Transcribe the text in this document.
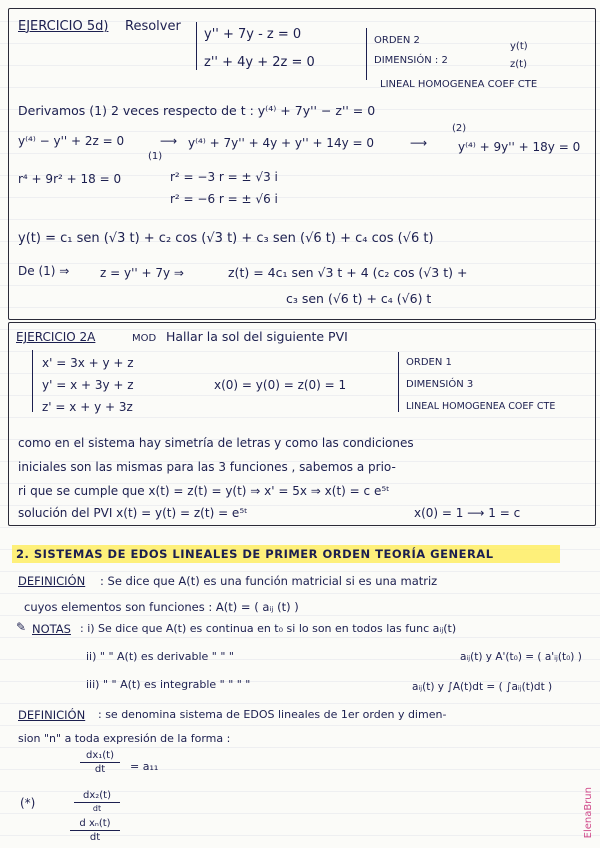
EJERCICIO 5d) Resolver
y'' + 7y - z = 0
z'' + 4y + 2z = 0
ORDEN 2
DIMENSIÓN : 2
y(t)
z(t)
LINEAL HOMOGENEA COEF CTE
Derivamos (1) 2 veces respecto de t : y⁽⁴⁾ + 7y'' − z'' = 0
(2)
y⁽⁴⁾ − y'' + 2z = 0
(1)
⟶ y⁽⁴⁾ + 7y'' + 4y + y'' + 14y = 0	⟶	y⁽⁴⁾ + 9y'' + 18y = 0
r⁴ + 9r² + 18 = 0	r² = −3 r = ± √3 i
r² = −6 r = ± √6 i
y(t) = c₁ sen (√3 t) + c₂ cos (√3 t) + c₃ sen (√6 t) + c₄ cos (√6 t)
De (1) ⇒	z = y'' + 7y ⇒	z(t) = 4c₁ sen √3 t + 4 (c₂ cos (√3 t) +
c₃ sen (√6 t) + c₄ (√6) t
EJERCICIO 2A	MOD Hallar la sol del siguiente PVI
x' = 3x + y + z
y' = x + 3y + z
z' = x + y + 3z
x(0) = y(0) = z(0) = 1
ORDEN 1
DIMENSIÓN 3
LINEAL HOMOGENEA COEF CTE
como en el sistema hay simetría de letras y como las condiciones
iniciales son las mismas para las 3 funciones , sabemos a prio-
ri que se cumple que x(t) = z(t) = y(t) ⇒ x' = 5x ⇒ x(t) = c e⁵ᵗ
solución del PVI x(t) = y(t) = z(t) = e⁵ᵗ	x(0) = 1 ⟶ 1 = c
2. SISTEMAS DE EDOS LINEALES DE PRIMER ORDEN TEORÍA GENERAL
DEFINICIÓN : Se dice que A(t) es una función matricial si es una matriz
cuyos elementos son funciones : A(t) = ( aᵢⱼ (t) )
✎ NOTAS : i) Se dice que A(t) es continua en t₀ si lo son en todos las func aᵢⱼ(t)
ii) " " A(t) es derivable " " "	aᵢⱼ(t) y A'(t₀) = ( a'ᵢⱼ(t₀) )
iii) " " A(t) es integrable " " " "	aᵢⱼ(t) y ∫A(t)dt = ( ∫aᵢⱼ(t)dt )
DEFINICIÓN : se denomina sistema de EDOS lineales de 1er orden y dimen-
sion "n" a toda expresión de la forma :
dx₁(t)
dt	= a₁₁
(*)
dx₂(t)
dt
d xₙ(t)
dt	ElenaBrun
